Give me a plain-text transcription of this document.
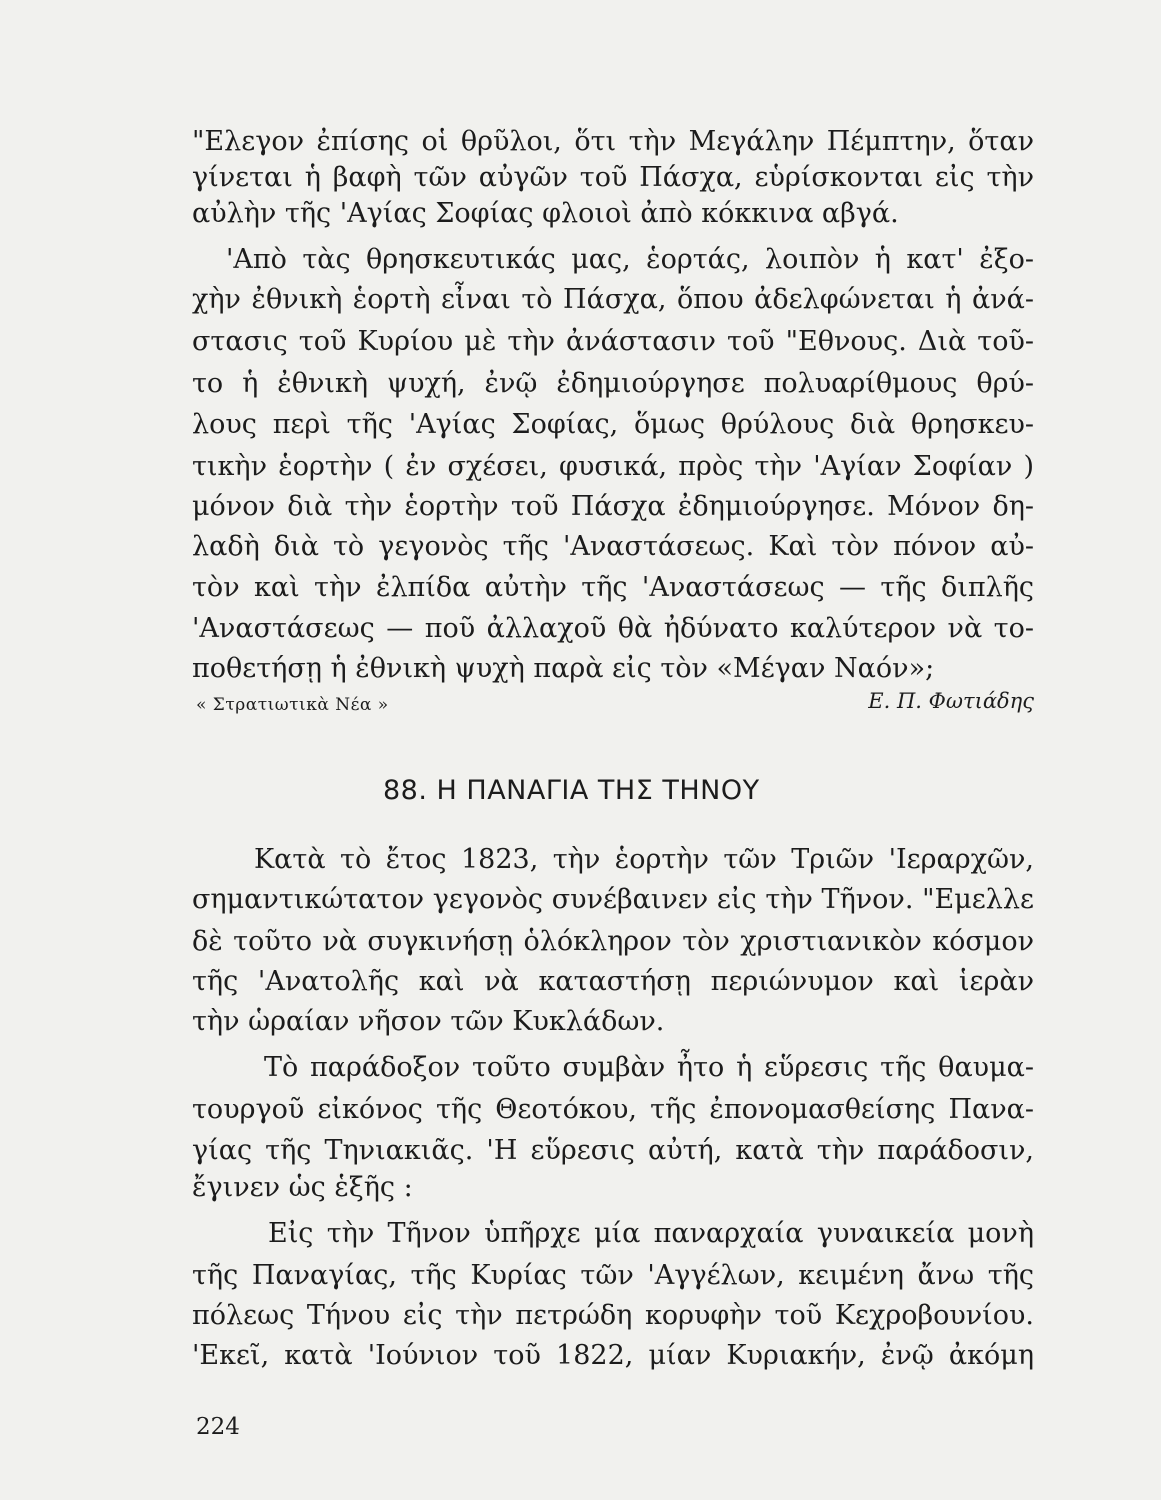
"Ελεγον ἐπίσης οἱ θρῦλοι, ὅτι τὴν Μεγάλην Πέμπτην, ὅταν
γίνεται ἡ βαφὴ τῶν αὐγῶν τοῦ Πάσχα, εὑρίσκονται εἰς τὴν
αὐλὴν τῆς 'Αγίας Σοφίας φλοιοὶ ἀπὸ κόκκινα αβγά.
'Απὸ τὰς θρησκευτικάς μας, ἑορτάς, λοιπὸν ἡ κατ' ἐξο-
χὴν ἐθνικὴ ἑορτὴ εἶναι τὸ Πάσχα, ὅπου ἀδελφώνεται ἡ ἀνά-
στασις τοῦ Κυρίου μὲ τὴν ἀνάστασιν τοῦ "Εθνους. Διὰ τοῦ-
το ἡ ἐθνικὴ ψυχή, ἐνῷ ἐδημιούργησε πολυαρίθμους θρύ-
λους περὶ τῆς 'Αγίας Σοφίας, ὅμως θρύλους διὰ θρησκευ-
τικὴν ἑορτὴν ( ἐν σχέσει, φυσικά, πρὸς τὴν 'Αγίαν Σοφίαν )
μόνον διὰ τὴν ἑορτὴν τοῦ Πάσχα ἐδημιούργησε. Μόνον δη-
λαδὴ διὰ τὸ γεγονὸς τῆς 'Αναστάσεως. Καὶ τὸν πόνον αὐ-
τὸν καὶ τὴν ἐλπίδα αὐτὴν τῆς 'Αναστάσεως — τῆς διπλῆς
'Αναστάσεως — ποῦ ἀλλαχοῦ θὰ ἠδύνατο καλύτερον νὰ το-
ποθετήσῃ ἡ ἐθνικὴ ψυχὴ παρὰ εἰς τὸν «Μέγαν Ναόν»;
« Στρατιωτικὰ Νέα »	Ε. Π. Φωτιάδης
88. Η ΠΑΝΑΓΙΑ ΤΗΣ ΤΗΝΟΥ
Κατὰ τὸ ἔτος 1823, τὴν ἑορτὴν τῶν Τριῶν 'Ιεραρχῶν,
σημαντικώτατον γεγονὸς συνέβαινεν εἰς τὴν Τῆνον. "Εμελλε
δὲ τοῦτο νὰ συγκινήσῃ ὁλόκληρον τὸν χριστιανικὸν κόσμον
τῆς 'Ανατολῆς καὶ νὰ καταστήσῃ περιώνυμον καὶ ἱερὰν
τὴν ὡραίαν νῆσον τῶν Κυκλάδων.
Τὸ παράδοξον τοῦτο συμβὰν ἦτο ἡ εὕρεσις τῆς θαυμα-
τουργοῦ εἰκόνος τῆς Θεοτόκου, τῆς ἐπονομασθείσης Πανα-
γίας τῆς Τηνιακιᾶς. 'Η εὕρεσις αὐτή, κατὰ τὴν παράδοσιν,
ἔγινεν ὡς ἑξῆς :
Εἰς τὴν Τῆνον ὑπῆρχε μία παναρχαία γυναικεία μονὴ
τῆς Παναγίας, τῆς Κυρίας τῶν 'Αγγέλων, κειμένη ἄνω τῆς
πόλεως Τήνου εἰς τὴν πετρώδη κορυφὴν τοῦ Κεχροβουνίου.
'Εκεῖ, κατὰ 'Ιούνιον τοῦ 1822, μίαν Κυριακήν, ἐνῷ ἀκόμη
224
